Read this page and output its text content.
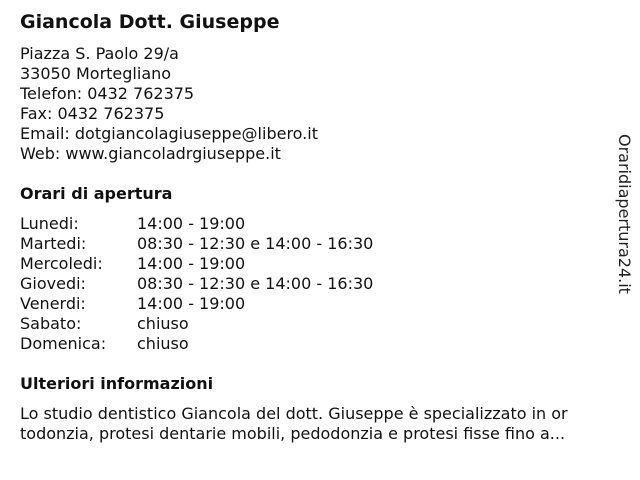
Giancola Dott. Giuseppe
Piazza S. Paolo 29/a
33050 Mortegliano
Telefon: 0432 762375
Fax: 0432 762375
Email: dotgiancolagiuseppe@libero.it
Web: www.giancoladrgiuseppe.it
Orari di apertura
Lunedi:	14:00 - 19:00
Martedi:	08:30 - 12:30 e 14:00 - 16:30
Mercoledi:	14:00 - 19:00
Giovedi:	08:30 - 12:30 e 14:00 - 16:30
Venerdi:	14:00 - 19:00
Sabato:	chiuso
Domenica:	chiuso
Ulteriori informazioni
Lo studio dentistico Giancola del dott. Giuseppe è specializzato in or
todonzia, protesi dentarie mobili, pedodonzia e protesi fisse fino a...
Oraridiapertura24.it
